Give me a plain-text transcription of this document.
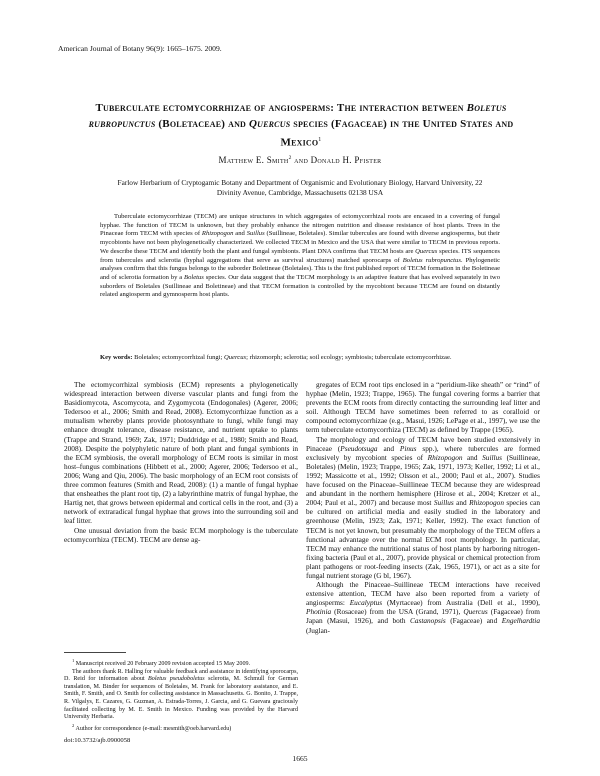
American Journal of Botany 96(9): 1665–1675. 2009.
Tuberculate ectomycorrhizae of angiosperms: The interaction between Boletus rubropunctus (Boletaceae) and Quercus species (Fagaceae) in the United States and Mexico$^1$
Matthew E. Smith$^2$ and Donald H. Pfister
Farlow Herbarium of Cryptogamic Botany and Department of Organismic and Evolutionary Biology, Harvard University, 22
Divinity Avenue, Cambridge, Massachusetts 02138 USA
Tuberculate ectomycorrhizae (TECM) are unique structures in which aggregates of ectomycorrhizal roots are encased in a covering of fungal hyphae. The function of TECM is unknown, but they probably enhance the nitrogen nutrition and disease resistance of host plants. Trees in the Pinaceae form TECM with species of Rhizopogon and Suillus (Suillineae, Boletales). Similar tubercules are found with diverse angiosperms, but their mycobionts have not been phylogenetically characterized. We collected TECM in Mexico and the USA that were similar to TECM in previous reports. We describe these TECM and identify both the plant and fungal symbionts. Plant DNA confirms that TECM hosts are Quercus species. ITS sequences from tubercules and sclerotia (hyphal aggregations that serve as survival structures) matched sporocarps of Boletus rubropunctus. Phylogenetic analyses confirm that this fungus belongs to the suborder Boletineae (Boletales). This is the first published report of TECM formation in the Boletineae and of sclerotia formation by a Boletus species. Our data suggest that the TECM morphology is an adaptive feature that has evolved separately in two suborders of Boletales (Suillineae and Boletineae) and that TECM formation is controlled by the mycobiont because TECM are found on distantly related angiosperm and gymnosperm host plants.
Key words: Boletales; ectomycorrhizal fungi; Quercus; rhizomorph; sclerotia; soil ecology; symbiosis; tuberculate ectomycorrhizae.

The ectomycorrhizal symbiosis (ECM) represents a phylogenetically widespread interaction between diverse vascular plants and fungi from the Basidiomycota, Ascomycota, and Zygomycota (Endogonales) (Agerer, 2006; Tedersoo et al., 2006; Smith and Read, 2008). Ectomycorrhizae function as a mutualism whereby plants provide photosynthate to fungi, while fungi may enhance drought tolerance, disease resistance, and nutrient uptake to plants (Trappe and Strand, 1969; Zak, 1971; Duddridge et al., 1980; Smith and Read, 2008). Despite the polyphyletic nature of both plant and fungal symbionts in the ECM symbiosis, the overall morphology of ECM roots is similar in most host–fungus combinations (Hibbett et al., 2000; Agerer, 2006; Tedersoo et al., 2006; Wang and Qiu, 2006). The basic morphology of an ECM root consists of three common features (Smith and Read, 2008): (1) a mantle of fungal hyphae that ensheathes the plant root tip, (2) a labyrinthine matrix of fungal hyphae, the Hartig net, that grows between epidermal and cortical cells in the root, and (3) a network of extraradical fungal hyphae that grows into the surrounding soil and leaf litter.

One unusual deviation from the basic ECM morphology is the tuberculate ectomycorrhiza (TECM). TECM are dense ag-

$^1$ Manuscript received 20 February 2009 revision accepted 15 May 2009.

The authors thank R. Halling for valuable feedback and assistance in identifying sporocarps, D. Reid for information about Boletus pseudoboletus sclerotia, M. Schmull for German translation, M. Binder for sequences of Boletales, M. Frank for laboratory assistance, and E. Smith, F. Smith, and O. Smith for collecting assistance in Massachusetts. G. Bonito, J. Trappe, R. Vilgalys, E. Cazares, G. Guzman, A. Estrada-Torres, J. Garcia, and G. Guevara graciously facilitated collecting by M. E. Smith in Mexico. Funding was provided by the Harvard University Herbaria.

$^2$ Author for correspondence (e-mail: mesmith@oeb.harvard.edu)

doi:10.3732/ajb.0900058

gregates of ECM root tips enclosed in a “peridium-like sheath” or “rind” of hyphae (Melin, 1923; Trappe, 1965). The fungal covering forms a barrier that prevents the ECM roots from directly contacting the surrounding leaf litter and soil. Although TECM have sometimes been referred to as coralloid or compound ectomycorrhizae (e.g., Masui, 1926; LePage et al., 1997), we use the term tuberculate ectomycorrhiza (TECM) as defined by Trappe (1965).

The morphology and ecology of TECM have been studied extensively in Pinaceae (Pseudotsuga and Pinus spp.), where tubercules are formed exclusively by mycobiont species of Rhizopogon and Suillus (Suillineae, Boletales) (Melin, 1923; Trappe, 1965; Zak, 1971, 1973; Keller, 1992; Li et al., 1992; Massicotte et al., 1992; Olsson et al., 2000; Paul et al., 2007). Studies have focused on the Pinaceae–Suillineae TECM because they are widespread and abundant in the northern hemisphere (Hirose et al., 2004; Kretzer et al., 2004; Paul et al., 2007) and because most Suillus and Rhizopogon species can be cultured on artificial media and easily studied in the laboratory and greenhouse (Melin, 1923; Zak, 1971; Keller, 1992). The exact function of TECM is not yet known, but presumably the morphology of the TECM offers a functional advantage over the normal ECM root morphology. In particular, TECM may enhance the nutritional status of host plants by harboring nitrogen-fixing bacteria (Paul et al., 2007), provide physical or chemical protection from plant pathogens or root-feeding insects (Zak, 1965, 1971), or act as a site for fungal nutrient storage (G bl, 1967).

Although the Pinaceae–Suillineae TECM interactions have received extensive attention, TECM have also been reported from a variety of angiosperms: Eucalyptus (Myrtaceae) from Australia (Dell et al., 1990), Photinia (Rosaceae) from the USA (Grand, 1971), Quercus (Fagaceae) from Japan (Masui, 1926), and both Castanopsis (Fagaceae) and Engelhardtia (Juglan-

1665
